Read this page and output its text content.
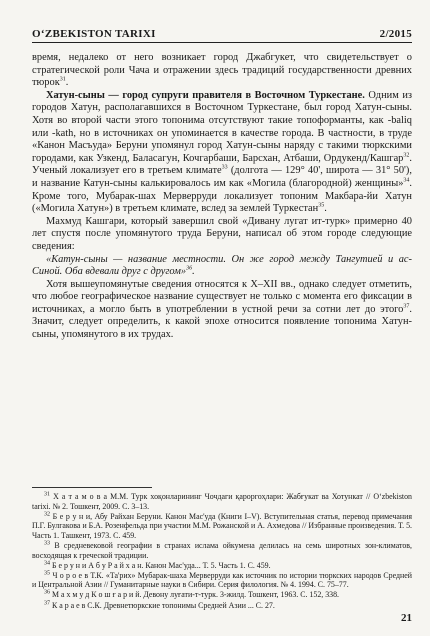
O‘ZBEKISTON TARIXI	2/2015

время, недалеко от него возникает город Джабгукет, что свидетельствует о стратегической роли Чача и отражении здесь традиций государственности древних тюрок$^{31}$.

Хатун-сыны — город супруги правителя в Восточном Туркестане. Одним из городов Хатун, располагавшихся в Восточном Туркестане, был город Хатун-сыны. Хотя во второй части этого топонима отсутствуют такие топоформанты, как -baliq или -kath, но в источниках он упоминается в качестве города. В частности, в труде «Канон Масъуда» Беруни упомянул город Хатун-сыны наряду с такими тюркскими городами, как Узкенд, Баласагун, Кочгарбаши, Барсхан, Атбаши, Ордукенд/Кашгар$^{32}$. Ученый локализует его в третьем климате$^{33}$ (долгота — 129° 40', широта — 31° 50'), и название Катун-сыны калькировалось им как «Могила (благородной) женщины»$^{34}$. Кроме того, Мубарак-шах Мерверруди локализует топоним Макбара-йи Хатун («Могила Хатун») в третьем климате, вслед за землей Туркестан$^{35}$.

Махмуд Кашгари, который завершил свой «Дивану лугат ит-турк» примерно 40 лет спустя после упомянутого труда Беруни, написал об этом городе следующие сведения:

«Катун-сыны — название местности. Он же город между Тангутией и ас-Синой. Оба вдевали друг с другом»$^{36}$.

Хотя вышеупомянутые сведения относятся к X–XII вв., однако следует отметить, что любое географическое название существует не только с момента его фиксации в источниках, а могло быть в употреблении в устной речи за сотни лет до этого$^{37}$. Значит, следует определить, к какой эпохе относится появление топонима Хатун-сыны, упомянутого в их трудах.

$^{31}$ Х а т а м о в а М.М. Турк хоқонларининг Чочдаги қароргоҳлари: Жабғукат ва Хотункат // O‘zbekiston tarixi. № 2. Тошкент, 2009. С. 3–13.

$^{32}$ Б е р у н и, Абу Райхан Беруни. Канон Мас'уда (Книги I–V). Вступительная статья, перевод примечания П.Г. Булгакова и Б.А. Розенфельда при участии М.М. Рожанской и А. Ахмедова // Избранные произведения. Т. 5. Часть 1. Ташкент, 1973. С. 459.

$^{33}$ В средневековой географии в странах ислама ойкумена делилась на семь широтных зон-климатов, восходящая к греческой традиции.

$^{34}$ Б е р у н и А б у Р а й х а н. Канон Мас'уда... Т. 5. Часть 1. С. 459.

$^{35}$ Ч о р о е в Т.К. «Та'рих» Мубарак-шаха Мерверруди как источник по истории тюркских народов Средней и Центральной Азии // Гуманитарные науки в Сибири. Серия филология. № 4. 1994. С. 75–77.

$^{36}$ М а х м у д К о ш ғ а р и й. Девону луғати-т-турк. 3-жилд. Тошкент, 1963. С. 152, 338.

$^{37}$ К а р а е в С.К. Древнетюркские топонимы Средней Азии ... С. 27.

21
